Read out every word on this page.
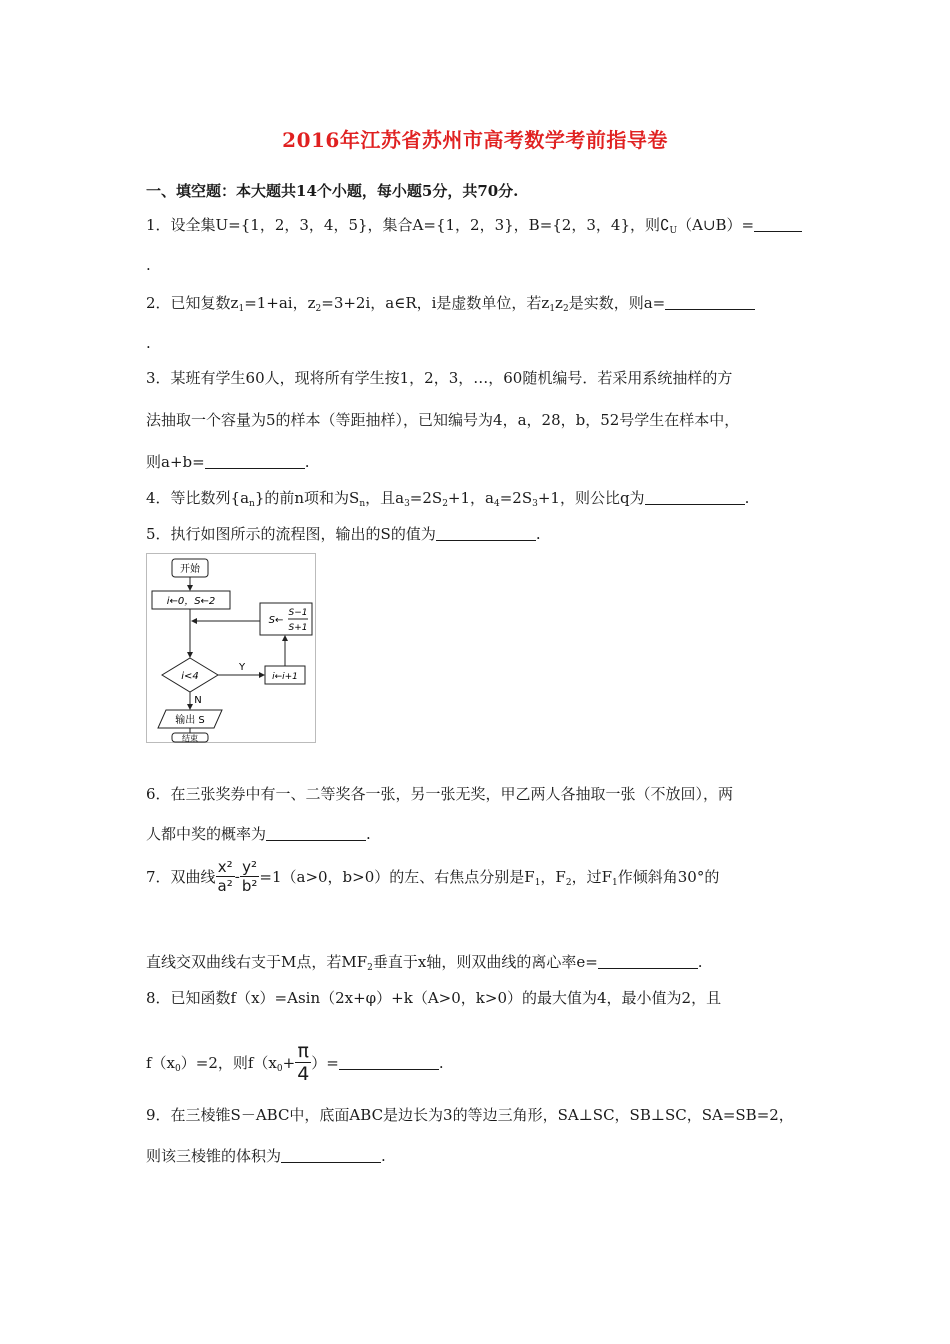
2016年江苏省苏州市高考数学考前指导卷
一、填空题：本大题共14个小题，每小题5分，共70分.
1．设全集U={1，2，3，4，5}，集合A={1，2，3}，B={2，3，4}，则$∁_U(A\cup B)=$
.
2．已知复数$z_1=1+ai$，$z_2=3+2i$，a∈R，i是虚数单位，若$z_1z_2$是实数，则a=
.
3．某班有学生60人，现将所有学生按1，2，3，…，60随机编号．若采用系统抽样的方
法抽取一个容量为5的样本（等距抽样），已知编号为4，a，28，b，52号学生在样本中，
则a+b=	.
4．等比数列$\{a_n\}$的前n项和为$S_n$，且$a_3=2S_2+1$，$a_4=2S_3+1$，则公比q为	.
5．执行如图所示的流程图，输出的S的值为	.
开始
i←0，S←2
S←
S−1
S+1
i<4
Y
i←i+1
N
输出 S
结束
6．在三张奖券中有一、二等奖各一张，另一张无奖，甲乙两人各抽取一张（不放回），两
人都中奖的概率为	.
7．双曲线 $\frac{\text{x²}}{\text{a²}} - \frac{\text{y²}}{\text{b²}} =1(a>0$，b>0）的左、右焦点分别是$F_1$，$F_2$，过$F_1$作倾斜角30°的
直线交双曲线右支于M点，若$MF_2$垂直于x轴，则双曲线的离心率e=	.
8．已知函数f（x）=Asin（2x+φ）+k（A>0，k>0）的最大值为4，最小值为2，且
$f(x_0)=2$，则$f(x_0+ \frac{\pi}{4}$ ）=	.
9．在三棱锥S－ABC中，底面ABC是边长为3的等边三角形，SA⊥SC，SB⊥SC，SA=SB=2，
则该三棱锥的体积为	.
